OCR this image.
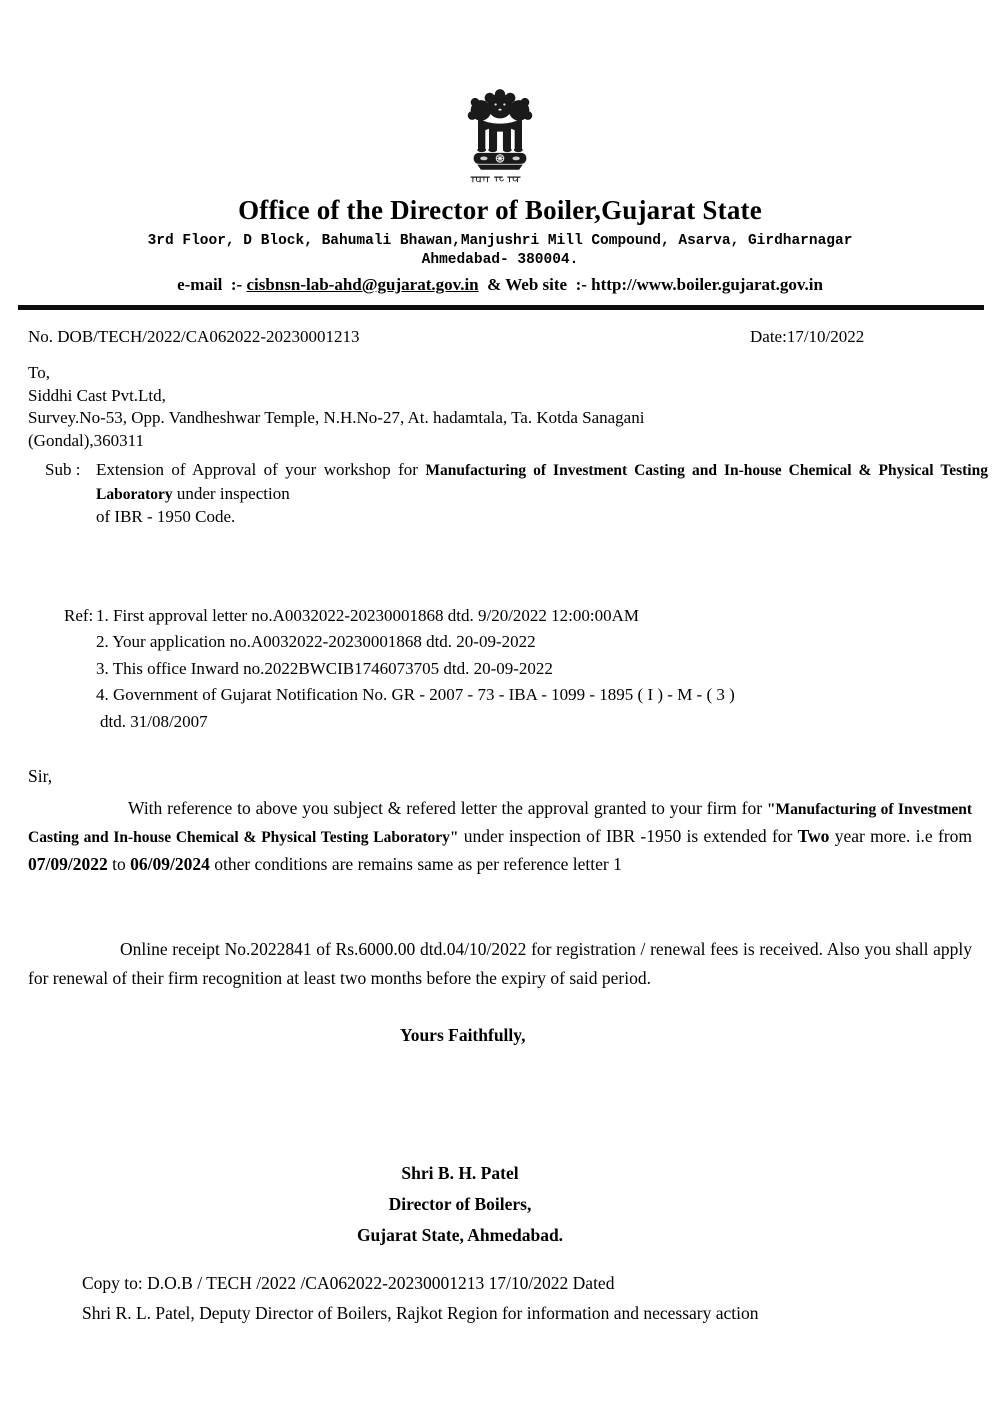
Office of the Director of Boiler,Gujarat State
3rd Floor, D Block, Bahumali Bhawan,Manjushri Mill Compound, Asarva, Girdharnagar
Ahmedabad- 380004.
e-mail  :- cisbnsn-lab-ahd@gujarat.gov.in  & Web site  :- http://www.boiler.gujarat.gov.in
No. DOB/TECH/2022/CA062022-20230001213	Date:17/10/2022
To,
Siddhi Cast Pvt.Ltd,
Survey.No-53, Opp. Vandheshwar Temple, N.H.No-27, At. hadamtala, Ta. Kotda Sanagani
(Gondal),360311
Sub : Extension of Approval of your workshop for Manufacturing of Investment Casting and In-house Chemical & Physical Testing Laboratory under inspection
of IBR - 1950 Code.
Ref: 1. First approval letter no.A0032022-20230001868 dtd. 9/20/2022 12:00:00AM
2. Your application no.A0032022-20230001868 dtd. 20-09-2022
3. This office Inward no.2022BWCIB1746073705 dtd. 20-09-2022
4. Government of Gujarat Notification No. GR - 2007 - 73 - IBA - 1099 - 1895 ( I ) - M - ( 3 )
dtd. 31/08/2007
Sir,
With reference to above you subject & refered letter the approval granted to your firm for "Manufacturing of Investment Casting and In-house Chemical & Physical Testing Laboratory" under inspection of IBR -1950 is extended for Two year more. i.e from 07/09/2022 to 06/09/2024 other conditions are remains same as per reference letter 1
Online receipt No.2022841 of Rs.6000.00 dtd.04/10/2022 for registration / renewal fees is received. Also you shall apply for renewal of their firm recognition at least two months before the expiry of said period.
Yours Faithfully,
Shri B. H. Patel
Director of Boilers,
Gujarat State, Ahmedabad.
Copy to: D.O.B / TECH /2022 /CA062022-20230001213 17/10/2022 Dated
Shri R. L. Patel, Deputy Director of Boilers, Rajkot Region for information and necessary action
